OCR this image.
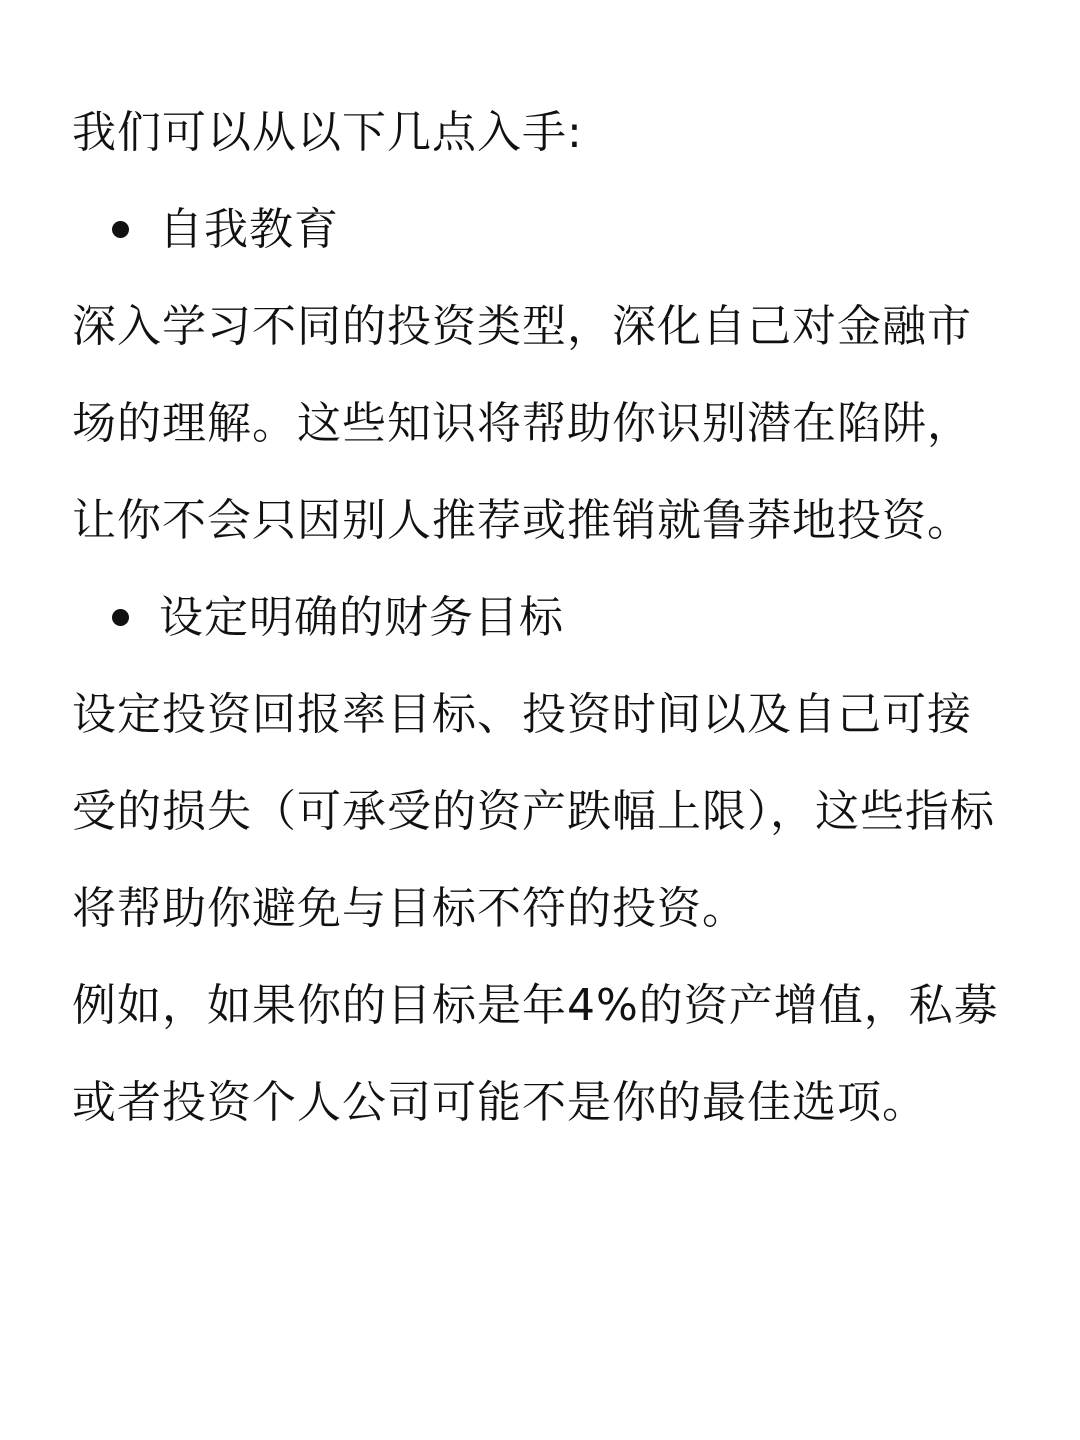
我们可以从以下几点入手:

自我教育

深入学习不同的投资类型，深化自己对金融市场的理解。这些知识将帮助你识别潜在陷阱，让你不会只因别人推荐或推销就鲁莽地投资。

设定明确的财务目标

设定投资回报率目标、投资时间以及自己可接受的损失（可承受的资产跌幅上限），这些指标将帮助你避免与目标不符的投资。

例如，如果你的目标是年4%的资产增值，私募或者投资个人公司可能不是你的最佳选项。
